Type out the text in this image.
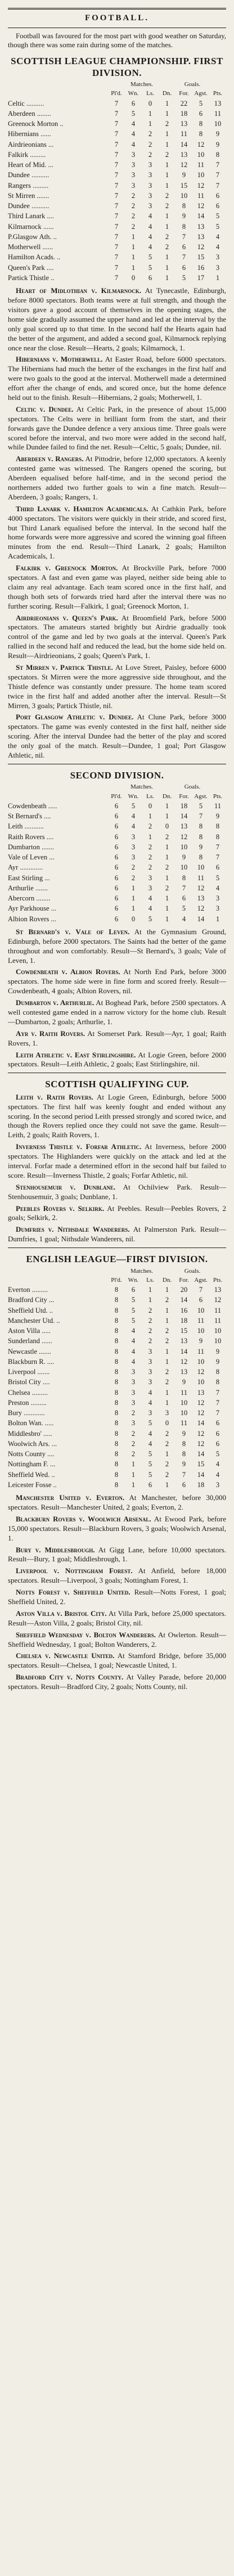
FOOTBALL.
Football was favoured for the most part with good weather on Saturday, though there was some rain during some of the matches.
SCOTTISH LEAGUE CHAMPIONSHIP. FIRST DIVISION.
	Matches.				Goals.		
	Pl'd.	Wn.	Ls.	Dn.	For.	Agst.	Pts.
Celtic ..........	7	6	0	1	22	5	13
Aberdeen ........	7	5	1	1	18	6	11
Greenock Morton ..	7	4	1	2	13	8	10
Hibernians ......	7	4	2	1	11	8	9
Airdrieonians ...	7	4	2	1	14	12	9
Falkirk .........	7	3	2	2	13	10	8
Heart of Mid. ...	7	3	3	1	12	11	7
Dundee ..........	7	3	3	1	9	10	7
Rangers .........	7	3	3	1	15	12	7
St Mirren .......	7	2	3	2	10	11	6
Dundee ..........	7	2	3	2	8	12	6
Third Lanark ....	7	2	4	1	9	14	5
Kilmarnock ......	7	2	4	1	8	13	5
P.Glasgow Ath. ..	7	1	4	2	7	13	4
Motherwell ......	7	1	4	2	6	12	4
Hamilton Acads. ..	7	1	5	1	7	15	3
Queen's Park ....	7	1	5	1	6	16	3
Partick Thistle ..	7	0	6	1	5	17	1
Heart of Midlothian v. Kilmarnock. At Tynecastle, Edinburgh, before 8000 spectators. Both teams were at full strength, and though the visitors gave a good account of themselves in the opening stages, the home side gradually assumed the upper hand and led at the interval by the only goal scored up to that time. In the second half the Hearts again had the better of the argument, and added a second goal, Kilmarnock replying once near the close. Result—Hearts, 2 goals; Kilmarnock, 1.
Hibernians v. Motherwell. At Easter Road, before 6000 spectators. The Hibernians had much the better of the exchanges in the first half and were two goals to the good at the interval. Motherwell made a determined effort after the change of ends, and scored once, but the home defence held out to the finish. Result—Hibernians, 2 goals; Motherwell, 1.
Celtic v. Dundee. At Celtic Park, in the presence of about 15,000 spectators. The Celts were in brilliant form from the start, and their forwards gave the Dundee defence a very anxious time. Three goals were scored before the interval, and two more were added in the second half, while Dundee failed to find the net. Result—Celtic, 5 goals; Dundee, nil.
Aberdeen v. Rangers. At Pittodrie, before 12,000 spectators. A keenly contested game was witnessed. The Rangers opened the scoring, but Aberdeen equalised before half-time, and in the second period the northerners added two further goals to win a fine match. Result—Aberdeen, 3 goals; Rangers, 1.
Third Lanark v. Hamilton Academicals. At Cathkin Park, before 4000 spectators. The visitors were quickly in their stride, and scored first, but Third Lanark equalised before the interval. In the second half the home forwards were more aggressive and scored the winning goal fifteen minutes from the end. Result—Third Lanark, 2 goals; Hamilton Academicals, 1.
Falkirk v. Greenock Morton. At Brockville Park, before 7000 spectators. A fast and even game was played, neither side being able to claim any real advantage. Each team scored once in the first half, and though both sets of forwards tried hard after the interval there was no further scoring. Result—Falkirk, 1 goal; Greenock Morton, 1.
Airdrieonians v. Queen's Park. At Broomfield Park, before 5000 spectators. The amateurs started brightly but Airdrie gradually took control of the game and led by two goals at the interval. Queen's Park rallied in the second half and reduced the lead, but the home side held on. Result—Airdrieonians, 2 goals; Queen's Park, 1.
St Mirren v. Partick Thistle. At Love Street, Paisley, before 6000 spectators. St Mirren were the more aggressive side throughout, and the Thistle defence was constantly under pressure. The home team scored twice in the first half and added another after the interval. Result—St Mirren, 3 goals; Partick Thistle, nil.
Port Glasgow Athletic v. Dundee. At Clune Park, before 3000 spectators. The game was evenly contested in the first half, neither side scoring. After the interval Dundee had the better of the play and scored the only goal of the match. Result—Dundee, 1 goal; Port Glasgow Athletic, nil.
SECOND DIVISION.
	Matches.				Goals.		
	Pl'd.	Wn.	Ls.	Dn.	For.	Agst.	Pts.
Cowdenbeath .....	6	5	0	1	18	5	11
St Bernard's ....	6	4	1	1	14	7	9
Leith ...........	6	4	2	0	13	8	8
Raith Rovers ....	6	3	1	2	12	8	8
Dumbarton .......	6	3	2	1	10	9	7
Vale of Leven ...	6	3	2	1	9	8	7
Ayr .............	6	2	2	2	10	10	6
East Stirling ...	6	2	3	1	8	11	5
Arthurlie .......	6	1	3	2	7	12	4
Abercorn ........	6	1	4	1	6	13	3
Ayr Parkhouse ...	6	1	4	1	5	12	3
Albion Rovers ...	6	0	5	1	4	14	1
St Bernard's v. Vale of Leven. At the Gymnasium Ground, Edinburgh, before 2000 spectators. The Saints had the better of the game throughout and won comfortably. Result—St Bernard's, 3 goals; Vale of Leven, 1.
Cowdenbeath v. Albion Rovers. At North End Park, before 3000 spectators. The home side were in fine form and scored freely. Result—Cowdenbeath, 4 goals; Albion Rovers, nil.
Dumbarton v. Arthurlie. At Boghead Park, before 2500 spectators. A well contested game ended in a narrow victory for the home club. Result—Dumbarton, 2 goals; Arthurlie, 1.
Ayr v. Raith Rovers. At Somerset Park. Result—Ayr, 1 goal; Raith Rovers, 1.
Leith Athletic v. East Stirlingshire. At Logie Green, before 2000 spectators. Result—Leith Athletic, 2 goals; East Stirlingshire, nil.
SCOTTISH QUALIFYING CUP.
Leith v. Raith Rovers. At Logie Green, Edinburgh, before 5000 spectators. The first half was keenly fought and ended without any scoring. In the second period Leith pressed strongly and scored twice, and though the Rovers replied once they could not save the game. Result—Leith, 2 goals; Raith Rovers, 1.
Inverness Thistle v. Forfar Athletic. At Inverness, before 2000 spectators. The Highlanders were quickly on the attack and led at the interval. Forfar made a determined effort in the second half but failed to score. Result—Inverness Thistle, 2 goals; Forfar Athletic, nil.
Stenhousemuir v. Dunblane. At Ochilview Park. Result—Stenhousemuir, 3 goals; Dunblane, 1.
Peebles Rovers v. Selkirk. At Peebles. Result—Peebles Rovers, 2 goals; Selkirk, 2.
Dumfries v. Nithsdale Wanderers. At Palmerston Park. Result—Dumfries, 1 goal; Nithsdale Wanderers, nil.
ENGLISH LEAGUE—FIRST DIVISION.
	Matches.				Goals.		
	Pl'd.	Wn.	Ls.	Dn.	For.	Agst.	Pts.
Everton .........	8	6	1	1	20	7	13
Bradford City ...	8	5	1	2	14	6	12
Sheffield Utd. ..	8	5	2	1	16	10	11
Manchester Utd. ..	8	5	2	1	18	11	11
Aston Villa .....	8	4	2	2	15	10	10
Sunderland ......	8	4	2	2	13	9	10
Newcastle .......	8	4	3	1	14	11	9
Blackburn R. ....	8	4	3	1	12	10	9
Liverpool .......	8	3	3	2	13	12	8
Bristol City ....	8	3	3	2	9	10	8
Chelsea .........	8	3	4	1	11	13	7
Preston .........	8	3	4	1	10	12	7
Bury ............	8	2	3	3	10	12	7
Bolton Wan. .....	8	3	5	0	11	14	6
Middlesbro' .....	8	2	4	2	9	12	6
Woolwich Ars. ...	8	2	4	2	8	12	6
Notts County ....	8	2	5	1	8	14	5
Nottingham F. ...	8	1	5	2	9	15	4
Sheffield Wed. ..	8	1	5	2	7	14	4
Leicester Fosse ..	8	1	6	1	6	18	3
Manchester United v. Everton. At Manchester, before 30,000 spectators. Result—Manchester United, 2 goals; Everton, 2.
Blackburn Rovers v. Woolwich Arsenal. At Ewood Park, before 15,000 spectators. Result—Blackburn Rovers, 3 goals; Woolwich Arsenal, 1.
Bury v. Middlesbrough. At Gigg Lane, before 10,000 spectators. Result—Bury, 1 goal; Middlesbrough, 1.
Liverpool v. Nottingham Forest. At Anfield, before 18,000 spectators. Result—Liverpool, 3 goals; Nottingham Forest, 1.
Notts Forest v. Sheffield United. Result—Notts Forest, 1 goal; Sheffield United, 2.
Aston Villa v. Bristol City. At Villa Park, before 25,000 spectators. Result—Aston Villa, 2 goals; Bristol City, nil.
Sheffield Wednesday v. Bolton Wanderers. At Owlerton. Result—Sheffield Wednesday, 1 goal; Bolton Wanderers, 2.
Chelsea v. Newcastle United. At Stamford Bridge, before 35,000 spectators. Result—Chelsea, 1 goal; Newcastle United, 1.
Bradford City v. Notts County. At Valley Parade, before 20,000 spectators. Result—Bradford City, 2 goals; Notts County, nil.
